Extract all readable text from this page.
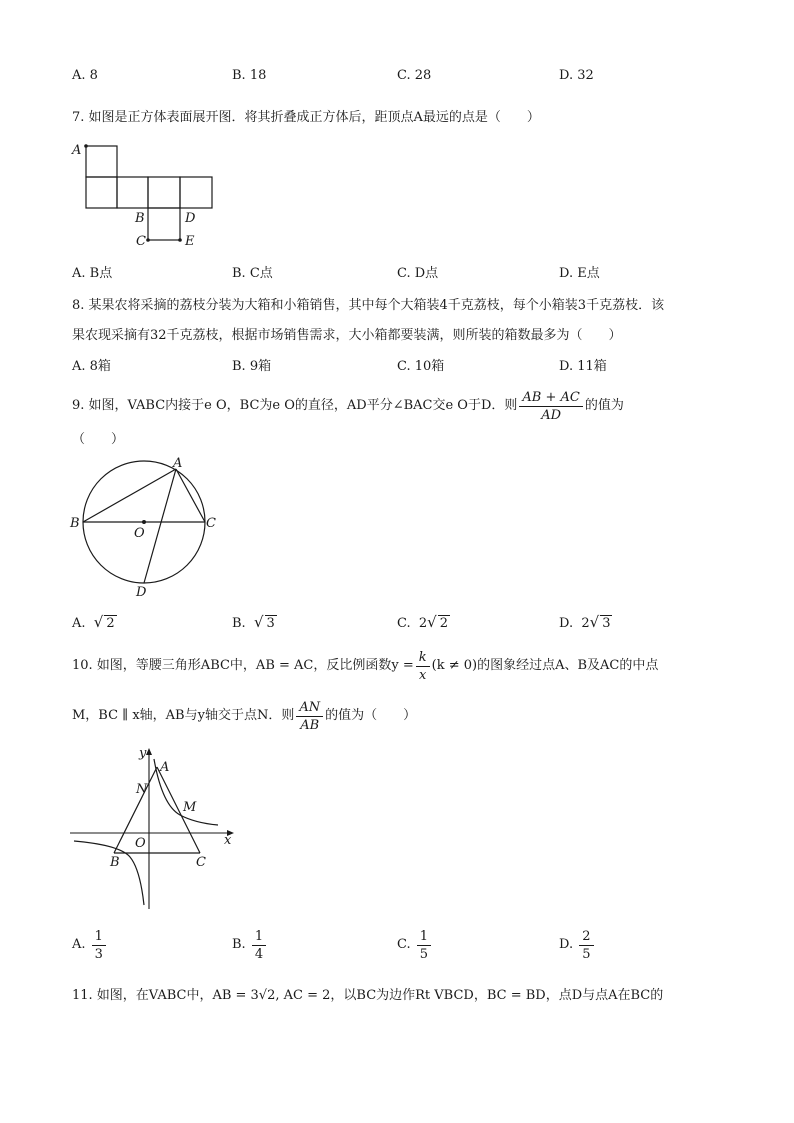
A. 8	B. 18	C. 28	D. 32
7. 如图是正方体表面展开图．将其折叠成正方体后，距顶点A最远的点是（　　）
A
B	D
C	E
A. B点	B. C点	C. D点	D. E点
8. 某果农将采摘的荔枝分装为大箱和小箱销售，其中每个大箱装4千克荔枝，每个小箱装3千克荔枝．该
果农现采摘有32千克荔枝，根据市场销售需求，大小箱都要装满，则所装的箱数最多为（　　）
A. 8箱	B. 9箱	C. 10箱	D. 11箱
9. 如图，VABC内接于e O，BC为e O的直径，AD平分∠BAC交e O于D．则 $\frac{AB + AC}{AD}$ 的值为
（　　）
A
B	C
O
D
A. √ 2	B. √ 3	C. 2√ 2	D. 2√ 3
10. 如图，等腰三角形ABC中，AB = AC，反比例函数$y = \frac{k}{x} (k \ne 0)$ 的图象经过点A、B及AC的中点
M，BC ∥ x轴，AB与y轴交于点N．则 $\frac{AN}{AB}$ 的值为（　　）
y
x
A
N
M
O
B	C
A.
$\frac{1}{3}$	B.
$\frac{1}{4}$	C.
$\frac{1}{5}$	D.
$\frac{2}{5}$
11. 如图，在VABC中，AB = 3√2, AC = 2，以BC为边作Rt VBCD，BC = BD，点D与点A在BC的
